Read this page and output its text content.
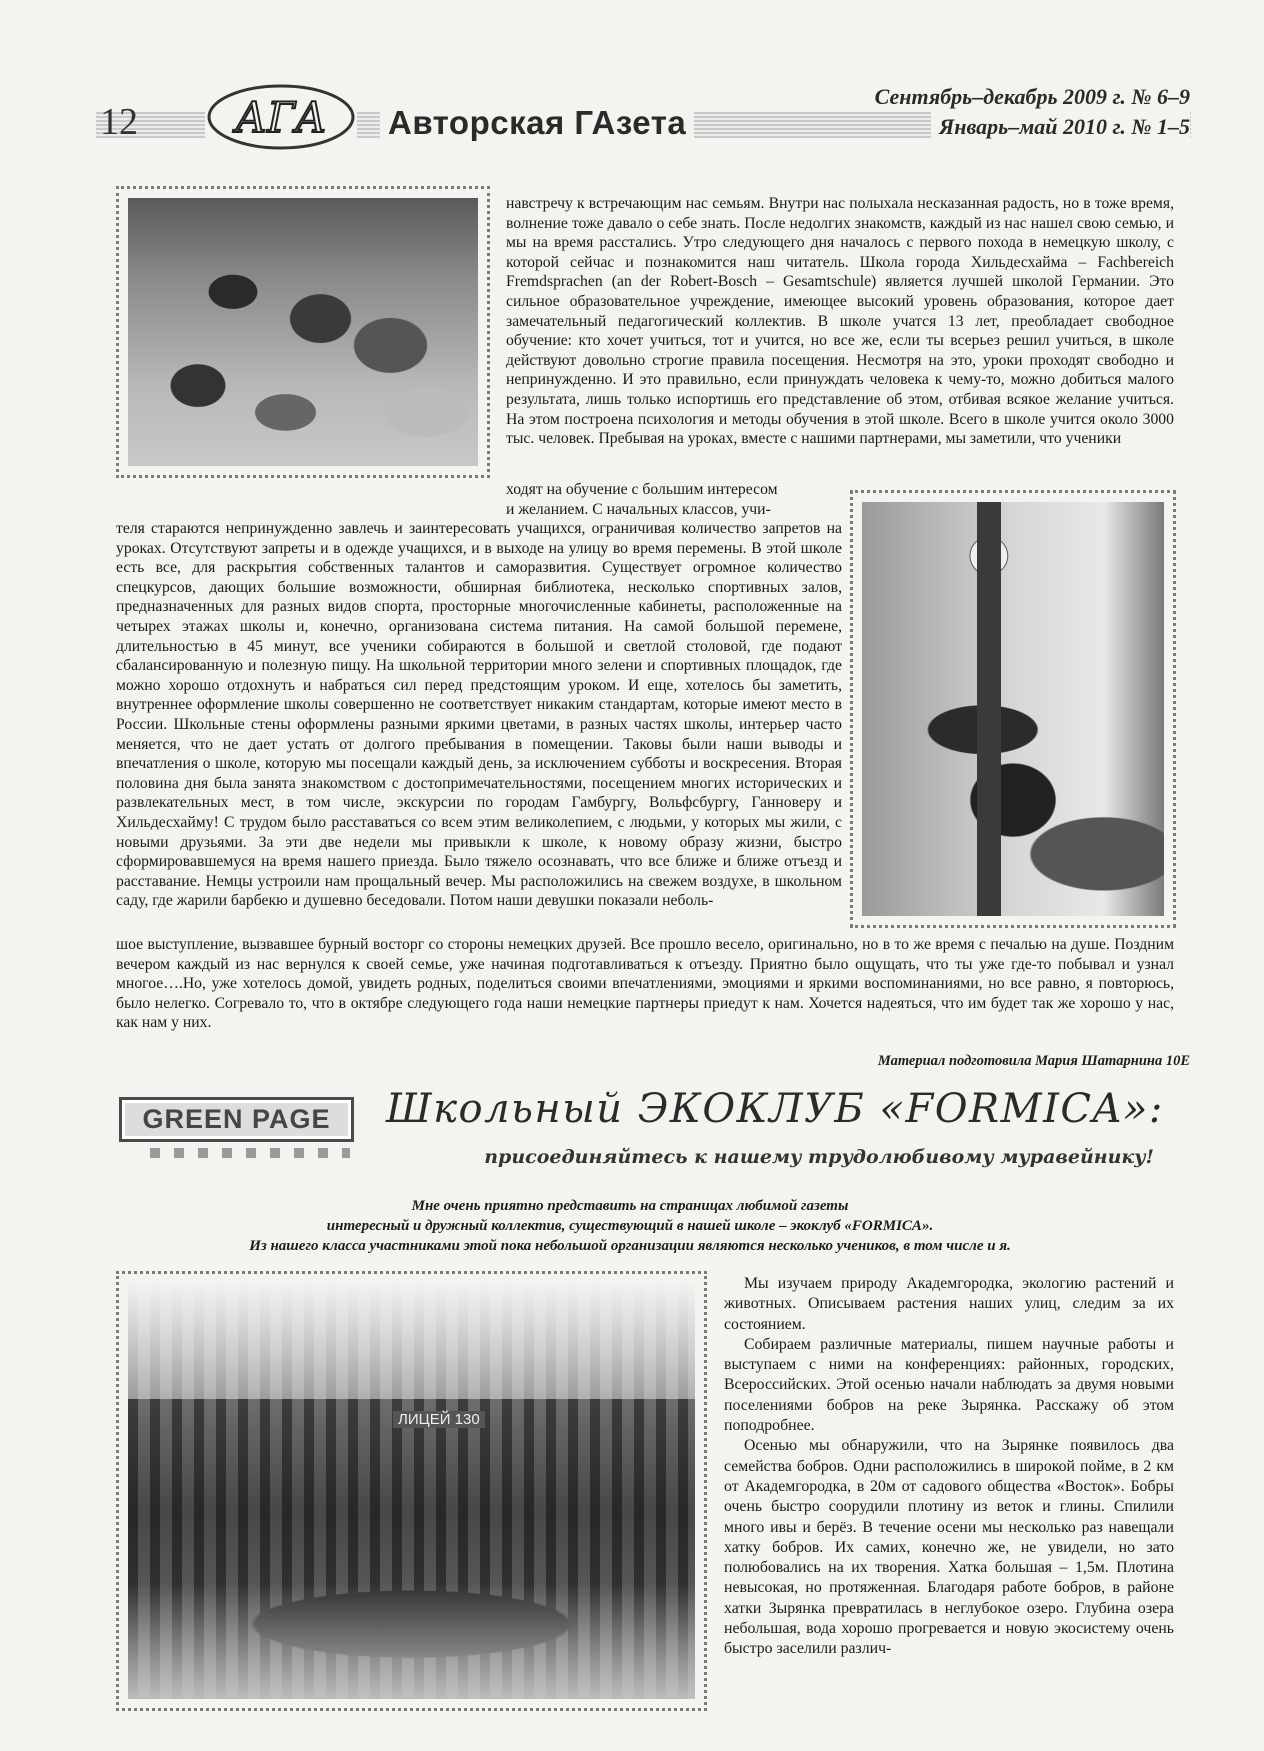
12 АГА Авторская ГАзета
Сентябрь–декабрь 2009 г. № 6–9
Январь–май 2010 г. № 1–5

навстречу к встречающим нас семьям. Внутри нас полыхала несказанная радость, но в тоже время, волнение тоже давало о себе знать. После недолгих знакомств, каждый из нас нашел свою семью, и мы на время расстались. Утро следующего дня началось с первого похода в немецкую школу, с которой сейчас и познакомится наш читатель. Школа города Хильдесхайма – Fachbereich Fremdsprachen (an der Robert-Bosch – Gesamtschule) является лучшей школой Германии. Это сильное образовательное учреждение, имеющее высокий уровень образования, которое дает замечательный педагогический коллектив. В школе учатся 13 лет, преобладает свободное обучение: кто хочет учиться, тот и учится, но все же, если ты всерьез решил учиться, в школе действуют довольно строгие правила посещения. Несмотря на это, уроки проходят свободно и непринужденно. И это правильно, если принуждать человека к чему-то, можно добиться малого результата, лишь только испортишь его представление об этом, отбивая всякое желание учиться. На этом построена психология и методы обучения в этой школе. Всего в школе учится около 3000 тыс. человек. Пребывая на уроках, вместе с нашими партнерами, мы заметили, что ученики

ходят на обучение с большим интересом

и желанием. С начальных классов, учи-

теля стараются непринужденно завлечь и заинтересовать учащихся, ограничивая количество запретов на уроках. Отсутствуют запреты и в одежде учащихся, и в выходе на улицу во время перемены. В этой школе есть все, для раскрытия собственных талантов и саморазвития. Существует огромное количество спецкурсов, дающих большие возможности, обширная библиотека, несколько спортивных залов, предназначенных для разных видов спорта, просторные многочисленные кабинеты, расположенные на четырех этажах школы и, конечно, организована система питания. На самой большой перемене, длительностью в 45 минут, все ученики собираются в большой и светлой столовой, где подают сбалансированную и полезную пищу. На школьной территории много зелени и спортивных площадок, где можно хорошо отдохнуть и набраться сил перед предстоящим уроком. И еще, хотелось бы заметить, внутреннее оформление школы совершенно не соответствует никаким стандартам, которые имеют место в России. Школьные стены оформлены разными яркими цветами, в разных частях школы, интерьер часто меняется, что не дает устать от долгого пребывания в помещении. Таковы были наши выводы и впечатления о школе, которую мы посещали каждый день, за исключением субботы и воскресения. Вторая половина дня была занята знакомством с достопримечательностями, посещением многих исторических и развлекательных мест, в том числе, экскурсии по городам Гамбургу, Вольфсбургу, Ганноверу и Хильдесхайму! С трудом было расставаться со всем этим великолепием, с людьми, у которых мы жили, с новыми друзьями. За эти две недели мы привыкли к школе, к новому образу жизни, быстро сформировавшемуся на время нашего приезда. Было тяжело осознавать, что все ближе и ближе отъезд и расставание. Немцы устроили нам прощальный вечер. Мы расположились на свежем воздухе, в школьном саду, где жарили барбекю и душевно беседовали. Потом наши девушки показали неболь-

шое выступление, вызвавшее бурный восторг со стороны немецких друзей. Все прошло весело, оригинально, но в то же время с печалью на душе. Поздним вечером каждый из нас вернулся к своей семье, уже начиная подготавливаться к отъезду. Приятно было ощущать, что ты уже где-то побывал и узнал многое….Но, уже хотелось домой, увидеть родных, поделиться своими впечатлениями, эмоциями и яркими воспоминаниями, но все равно, я повторюсь, было нелегко. Согревало то, что в октябре следующего года наши немецкие партнеры приедут к нам. Хочется надеяться, что им будет так же хорошо у нас, как нам у них.

Материал подготовила Мария Шатарнина 10Е
GREEN PAGE	Школьный ЭКОКЛУБ «FORMICA»:
присоединяйтесь к нашему трудолюбивому муравейнику!
Мне очень приятно представить на страницах любимой газеты
интересный и дружный коллектив, существующий в нашей школе – экоклуб «FORMICA».
Из нашего класса участниками этой пока небольшой организации являются несколько учеников, в том числе и я.
ЛИЦЕЙ 130

Мы изучаем природу Академгородка, экологию растений и животных. Описываем растения наших улиц, следим за их состоянием.

Собираем различные материалы, пишем научные работы и выступаем с ними на конференциях: районных, городских, Всероссийских. Этой осенью начали наблюдать за двумя новыми поселениями бобров на реке Зырянка. Расскажу об этом поподробнее.

Осенью мы обнаружили, что на Зырянке появилось два семейства бобров. Одни расположились в широкой пойме, в 2 км от Академгородка, в 20м от садового общества «Восток». Бобры очень быстро соорудили плотину из веток и глины. Спилили много ивы и берёз. В течение осени мы несколько раз навещали хатку бобров. Их самих, конечно же, не увидели, но зато полюбовались на их творения. Хатка большая – 1,5м. Плотина невысокая, но протяженная. Благодаря работе бобров, в районе хатки Зырянка превратилась в неглубокое озеро. Глубина озера небольшая, вода хорошо прогревается и новую экосистему очень быстро заселили различ-
